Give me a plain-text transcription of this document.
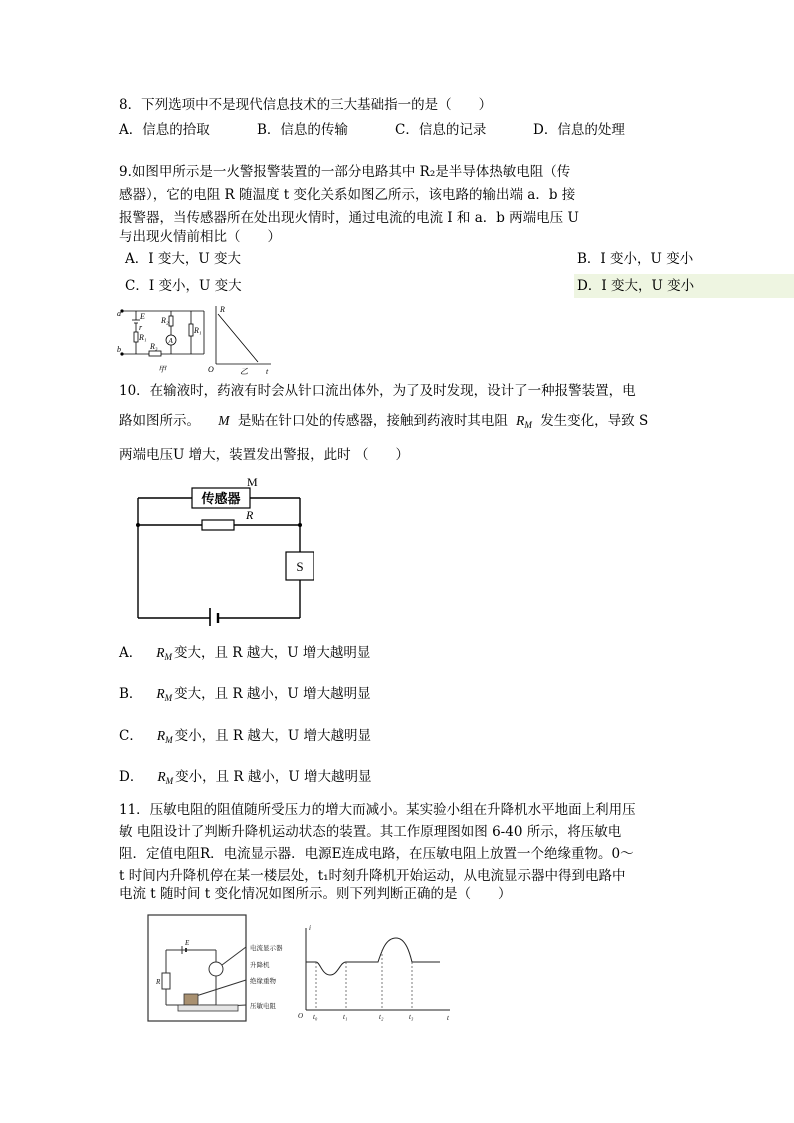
8．下列选项中不是现代信息技术的三大基础指一的是（　　）
A．信息的拾取	B．信息的传输	C．信息的记录	D．信息的处理
9.如图甲所示是一火警报警装置的一部分电路其中 R₂是半导体热敏电阻（传
感器），它的电阻 R 随温度 t 变化关系如图乙所示，该电路的输出端 a．b 接
报警器，当传感器所在处出现火情时，通过电流的电流 I 和 a．b 两端电压 U
与出现火情前相比（　　）
A．I 变大，U 变大	B．I 变小，U 变小
C．I 变小，U 变大	D．I 变大，U 变小
a
b
E
r
R₁
R₂
A
R₁
R₃
甲
R
O	t
乙
10．在输液时，药液有时会从针口流出体外，为了及时发现，设计了一种报警装置，电
路如图所示。 M 是贴在针口处的传感器，接触到药液时其电阻 $R_M$ 发生变化，导致 S
两端电压U 增大，装置发出警报，此时 （　　）
传感器
M
R
S
A． $R_M$ 变大，且 R 越大，U 增大越明显
B． $R_M$ 变大，且 R 越小，U 增大越明显
C． $R_M$ 变小，且 R 越大，U 增大越明显
D． $R_M$ 变小，且 R 越小，U 增大越明显
11．压敏电阻的阻值随所受压力的增大而减小。某实验小组在升降机水平地面上利用压
敏 电阻设计了判断升降机运动状态的装置。其工作原理图如图 6-40 所示，将压敏电
阻．定值电阻R．电流显示器．电源E连成电路，在压敏电阻上放置一个绝缘重物。0～
t 时间内升降机停在某一楼层处，t₁时刻升降机开始运动，从电流显示器中得到电路中
电流 t 随时间 t 变化情况如图所示。则下列判断正确的是（　　）
电流显示器
升降机
绝缘重物
压敏电阻
E
R
i
O t₀	t₁	t₂	t₃	t
